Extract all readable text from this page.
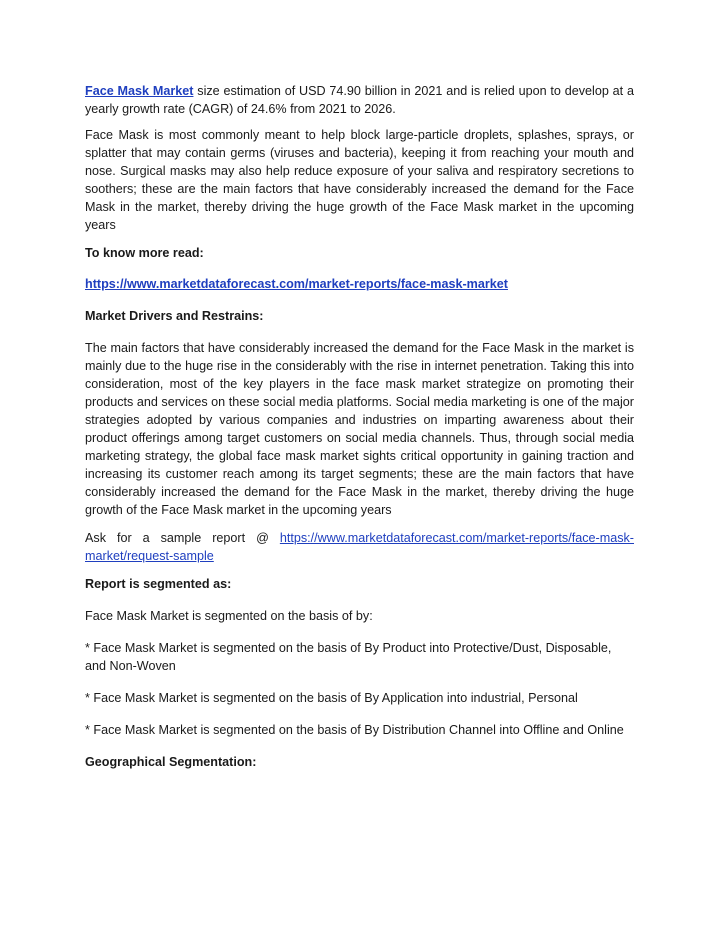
Face Mask Market size estimation of USD 74.90 billion in 2021 and is relied upon to develop at a yearly growth rate (CAGR) of 24.6% from 2021 to 2026.

Face Mask is most commonly meant to help block large-particle droplets, splashes, sprays, or splatter that may contain germs (viruses and bacteria), keeping it from reaching your mouth and nose. Surgical masks may also help reduce exposure of your saliva and respiratory secretions to soothers; these are the main factors that have considerably increased the demand for the Face Mask in the market, thereby driving the huge growth of the Face Mask market in the upcoming years

To know more read:

https://www.marketdataforecast.com/market-reports/face-mask-market

Market Drivers and Restrains:

The main factors that have considerably increased the demand for the Face Mask in the market is mainly due to the huge rise in the considerably with the rise in internet penetration. Taking this into consideration, most of the key players in the face mask market strategize on promoting their products and services on these social media platforms. Social media marketing is one of the major strategies adopted by various companies and industries on imparting awareness about their product offerings among target customers on social media channels. Thus, through social media marketing strategy, the global face mask market sights critical opportunity in gaining traction and increasing its customer reach among its target segments; these are the main factors that have considerably increased the demand for the Face Mask in the market, thereby driving the huge growth of the Face Mask market in the upcoming years

Ask for a sample report @ https://www.marketdataforecast.com/market-reports/face-mask-market/request-sample

Report is segmented as:

Face Mask Market is segmented on the basis of by:

* Face Mask Market is segmented on the basis of By Product into Protective/Dust, Disposable, and Non-Woven

* Face Mask Market is segmented on the basis of By Application into industrial, Personal

* Face Mask Market is segmented on the basis of By Distribution Channel into Offline and Online

Geographical Segmentation:
